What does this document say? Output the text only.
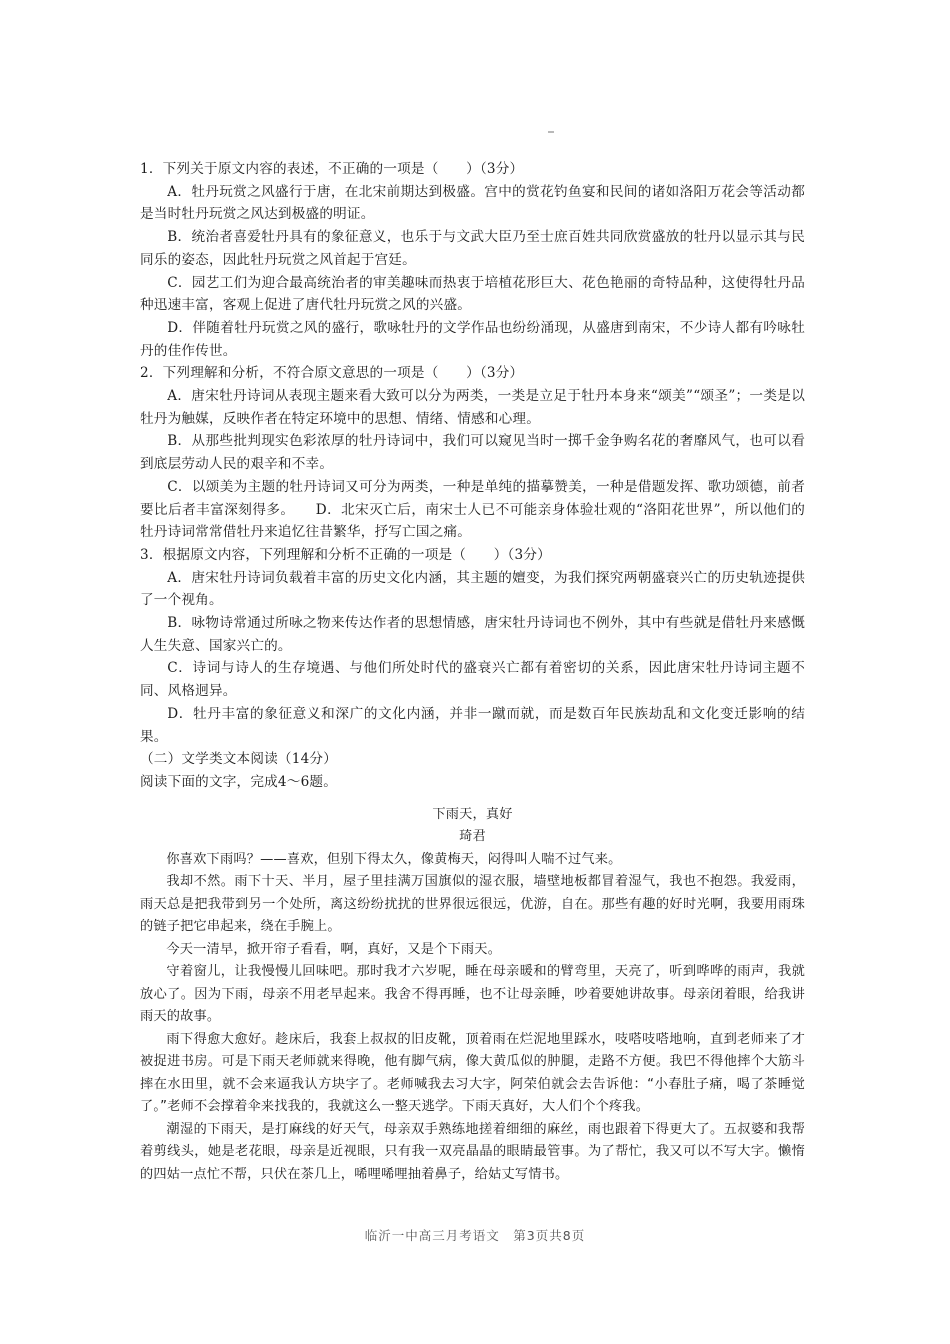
1．下列关于原文内容的表述，不正确的一项是（　　）（3分）

A．牡丹玩赏之风盛行于唐，在北宋前期达到极盛。宫中的赏花钓鱼宴和民间的诸如洛阳万花会等活动都是当时牡丹玩赏之风达到极盛的明证。

B．统治者喜爱牡丹具有的象征意义，也乐于与文武大臣乃至士庶百姓共同欣赏盛放的牡丹以显示其与民同乐的姿态，因此牡丹玩赏之风首起于宫廷。

C．园艺工们为迎合最高统治者的审美趣味而热衷于培植花形巨大、花色艳丽的奇特品种，这使得牡丹品种迅速丰富，客观上促进了唐代牡丹玩赏之风的兴盛。

D．伴随着牡丹玩赏之风的盛行，歌咏牡丹的文学作品也纷纷涌现，从盛唐到南宋，不少诗人都有吟咏牡丹的佳作传世。

2．下列理解和分析，不符合原文意思的一项是（　　）（3分）

A．唐宋牡丹诗词从表现主题来看大致可以分为两类，一类是立足于牡丹本身来“颂美”“颂圣”；一类是以牡丹为触媒，反映作者在特定环境中的思想、情绪、情感和心理。

B．从那些批判现实色彩浓厚的牡丹诗词中，我们可以窥见当时一掷千金争购名花的奢靡风气，也可以看到底层劳动人民的艰辛和不幸。

C．以颂美为主题的牡丹诗词又可分为两类，一种是单纯的描摹赞美，一种是借题发挥、歌功颂德，前者要比后者丰富深刻得多。　　D．北宋灭亡后，南宋士人已不可能亲身体验壮观的“洛阳花世界”，所以他们的牡丹诗词常常借牡丹来追忆往昔繁华，抒写亡国之痛。

3．根据原文内容，下列理解和分析不正确的一项是（　　）（3分）

A．唐宋牡丹诗词负载着丰富的历史文化内涵，其主题的嬗变，为我们探究两朝盛衰兴亡的历史轨迹提供了一个视角。

B．咏物诗常通过所咏之物来传达作者的思想情感，唐宋牡丹诗词也不例外，其中有些就是借牡丹来感慨人生失意、国家兴亡的。

C．诗词与诗人的生存境遇、与他们所处时代的盛衰兴亡都有着密切的关系，因此唐宋牡丹诗词主题不同、风格迥异。

D．牡丹丰富的象征意义和深广的文化内涵，并非一蹴而就，而是数百年民族劫乱和文化变迁影响的结果。

（二）文学类文本阅读（14分）

阅读下面的文字，完成4～6题。

下雨天，真好

琦君

你喜欢下雨吗？——喜欢，但别下得太久，像黄梅天，闷得叫人喘不过气来。

我却不然。雨下十天、半月，屋子里挂满万国旗似的湿衣服，墙壁地板都冒着湿气，我也不抱怨。我爱雨，雨天总是把我带到另一个处所，离这纷纷扰扰的世界很远很远，优游，自在。那些有趣的好时光啊，我要用雨珠的链子把它串起来，绕在手腕上。

今天一清早，掀开帘子看看，啊，真好，又是个下雨天。

守着窗儿，让我慢慢儿回味吧。那时我才六岁呢，睡在母亲暖和的臂弯里，天亮了，听到哗哗的雨声，我就放心了。因为下雨，母亲不用老早起来。我舍不得再睡，也不让母亲睡，吵着要她讲故事。母亲闭着眼，给我讲雨天的故事。

雨下得愈大愈好。趁床后，我套上叔叔的旧皮靴，顶着雨在烂泥地里踩水，吱嗒吱嗒地响，直到老师来了才被捉进书房。可是下雨天老师就来得晚，他有脚气病，像大黄瓜似的肿腿，走路不方便。我巴不得他摔个大筋斗摔在水田里，就不会来逼我认方块字了。老师喊我去习大字，阿荣伯就会去告诉他：“小春肚子痛，喝了茶睡觉了。”老师不会撑着伞来找我的，我就这么一整天逃学。下雨天真好，大人们个个疼我。

潮湿的下雨天，是打麻线的好天气，母亲双手熟练地搓着细细的麻丝，雨也跟着下得更大了。五叔婆和我帮着剪线头，她是老花眼，母亲是近视眼，只有我一双亮晶晶的眼睛最管事。为了帮忙，我又可以不写大字。懒惰的四姑一点忙不帮，只伏在茶几上，唏哩唏哩抽着鼻子，给姑丈写情书。

临沂一中高三月考语文　第3页共8页
